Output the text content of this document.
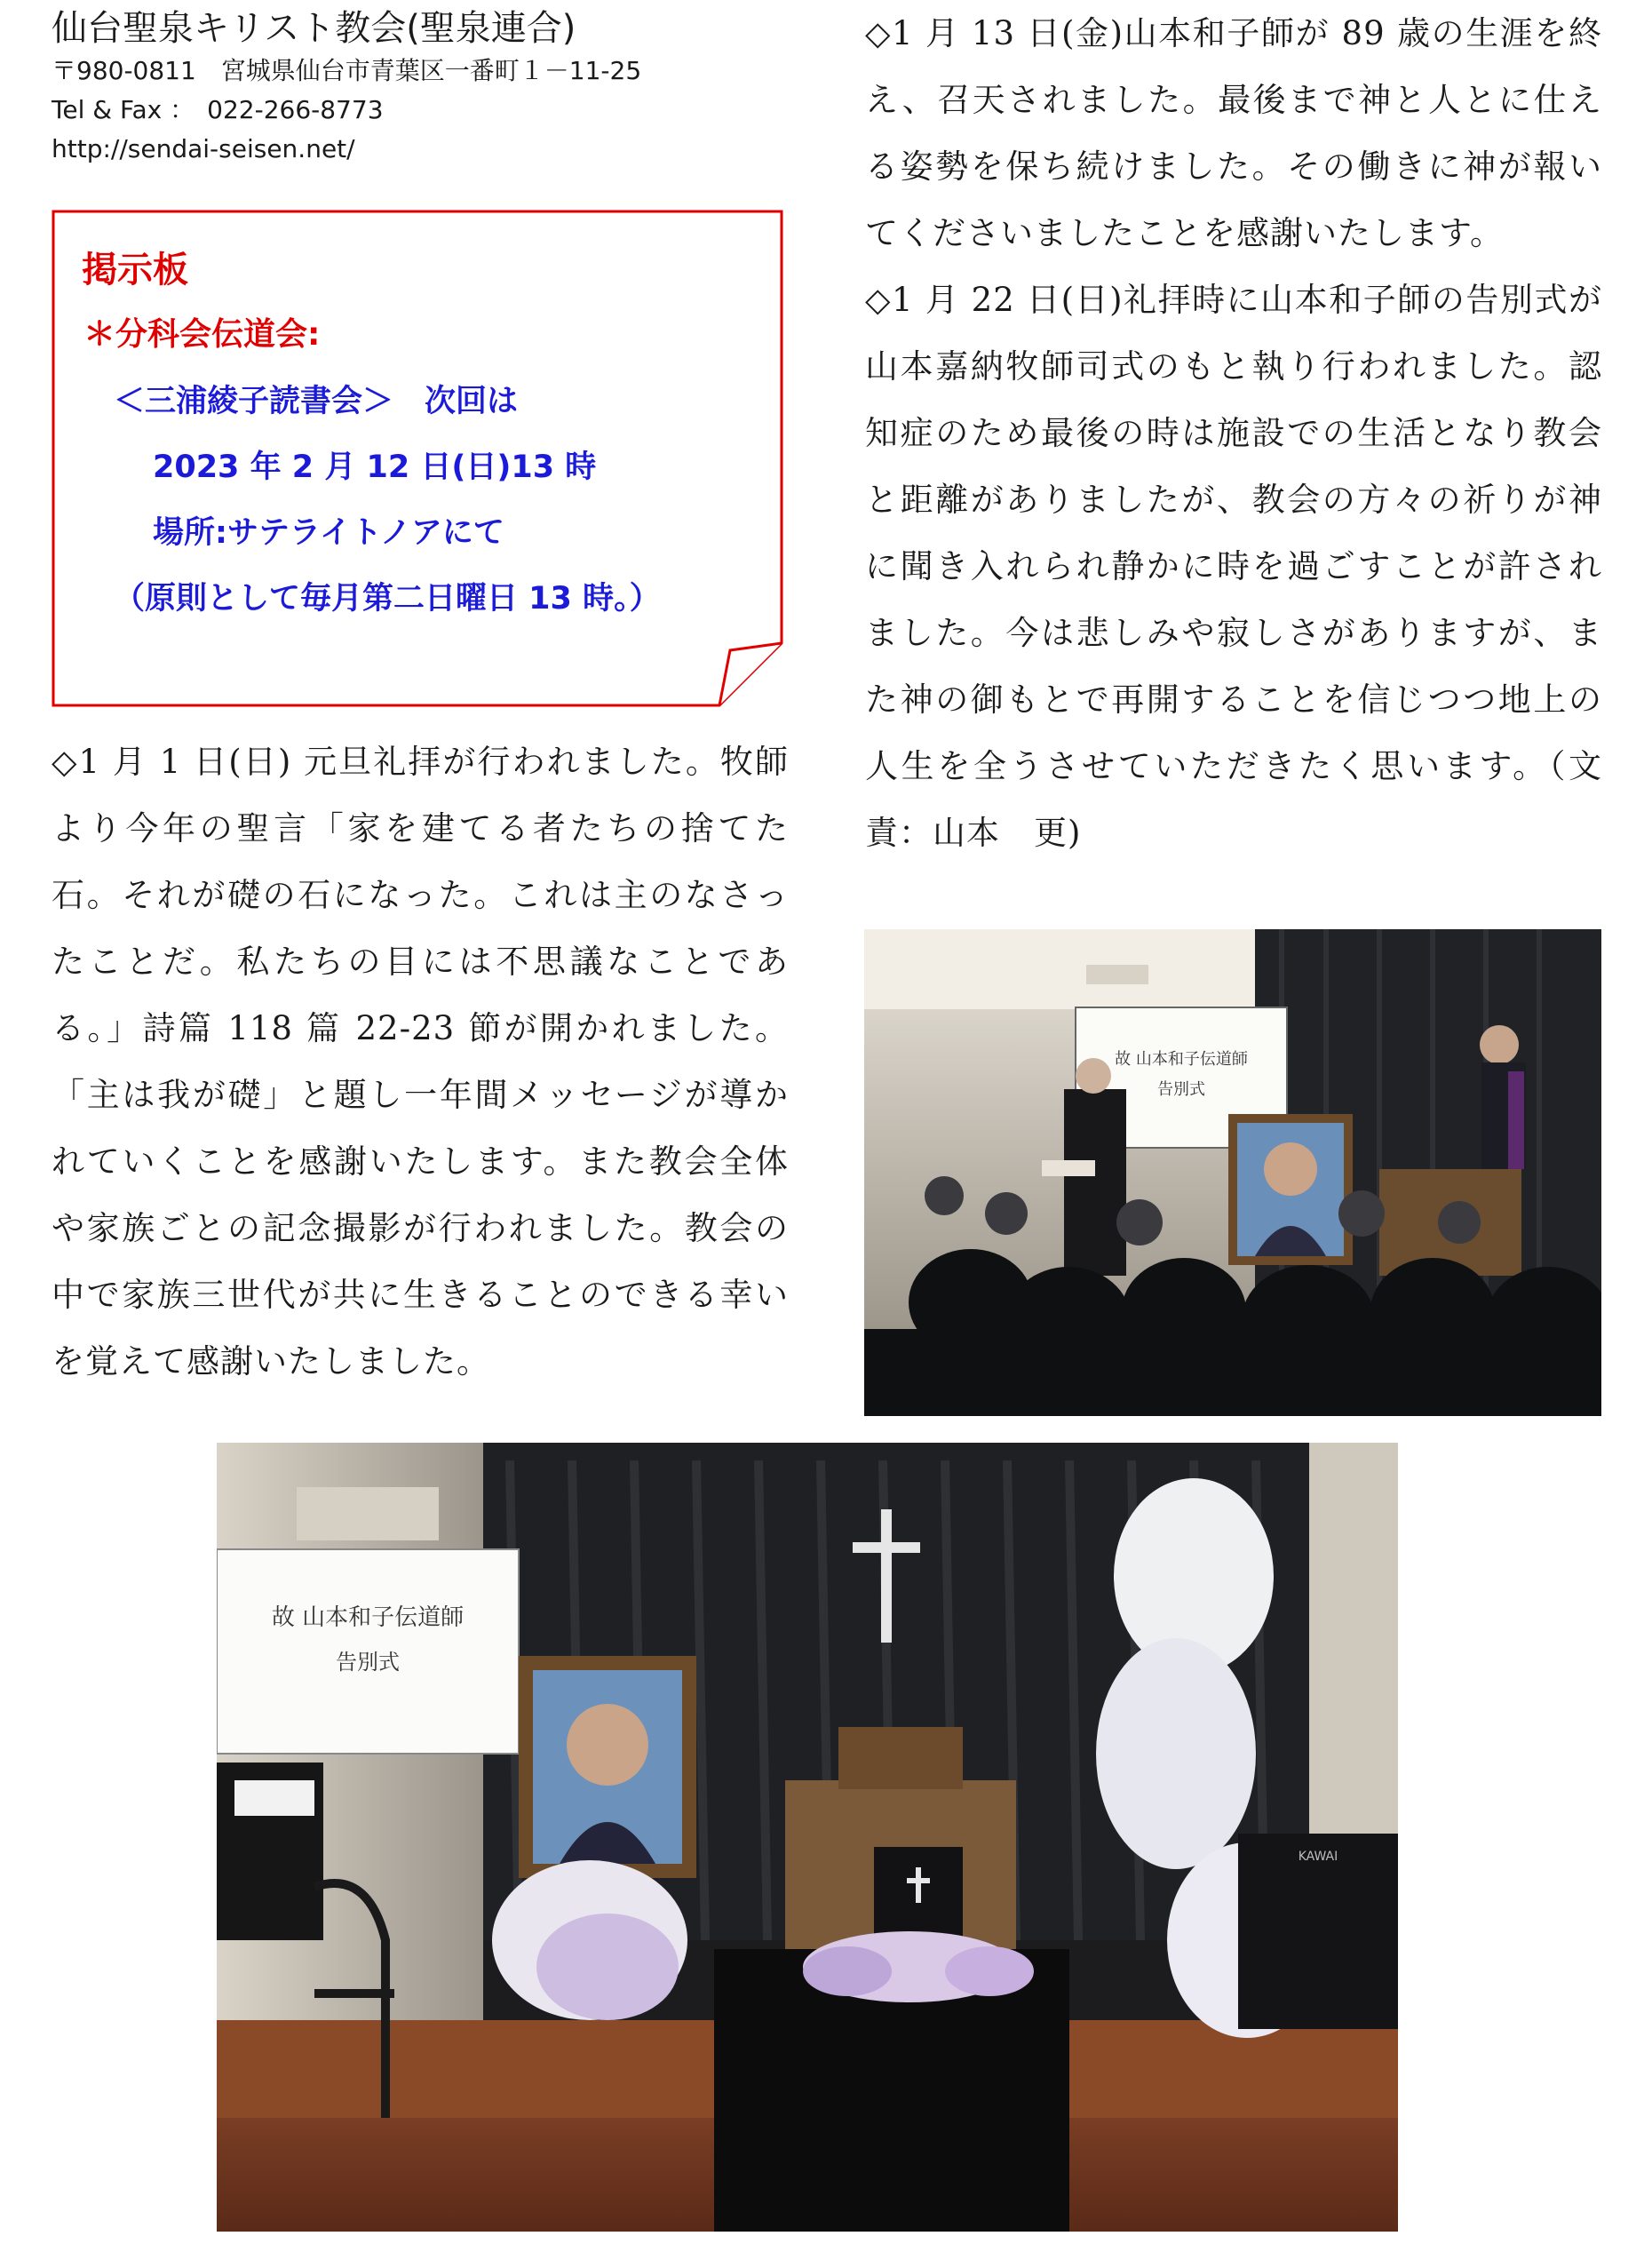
仙台聖泉キリスト教会(聖泉連合)
〒980-0811　宮城県仙台市青葉区一番町１－11-25
Tel & Fax ：　022-266-8773
http://sendai-seisen.net/
掲示板
＊分科会伝道会:
＜三浦綾子読書会＞　次回は
2023 年 2 月 12 日(日)13 時
場所:サテライトノアにて
（原則として毎月第二日曜日 13 時。）

◇1 月 1 日(日) 元旦礼拝が行われました。牧師より今年の聖言「家を建てる者たちの捨てた石。それが礎の石になった。これは主のなさったことだ。私たちの目には不思議なことである。」詩篇 118 篇 22-23 節が開かれました。「主は我が礎」と題し一年間メッセージが導かれていくことを感謝いたします。また教会全体や家族ごとの記念撮影が行われました。教会の中で家族三世代が共に生きることのできる幸いを覚えて感謝いたしました。

◇1 月 13 日(金)山本和子師が 89 歳の生涯を終え、召天されました。最後まで神と人とに仕える姿勢を保ち続けました。その働きに神が報いてくださいましたことを感謝いたします。

◇1 月 22 日(日)礼拝時に山本和子師の告別式が山本嘉納牧師司式のもと執り行われました。認知症のため最後の時は施設での生活となり教会と距離がありましたが、教会の方々の祈りが神に聞き入れられ静かに時を過ごすことが許されました。今は悲しみや寂しさがありますが、また神の御もとで再開することを信じつつ地上の人生を全うさせていただきたく思います。（文責：山本　更)

故 山本和子伝道師
告別式
故 山本和子伝道師
告別式
KAWAI
